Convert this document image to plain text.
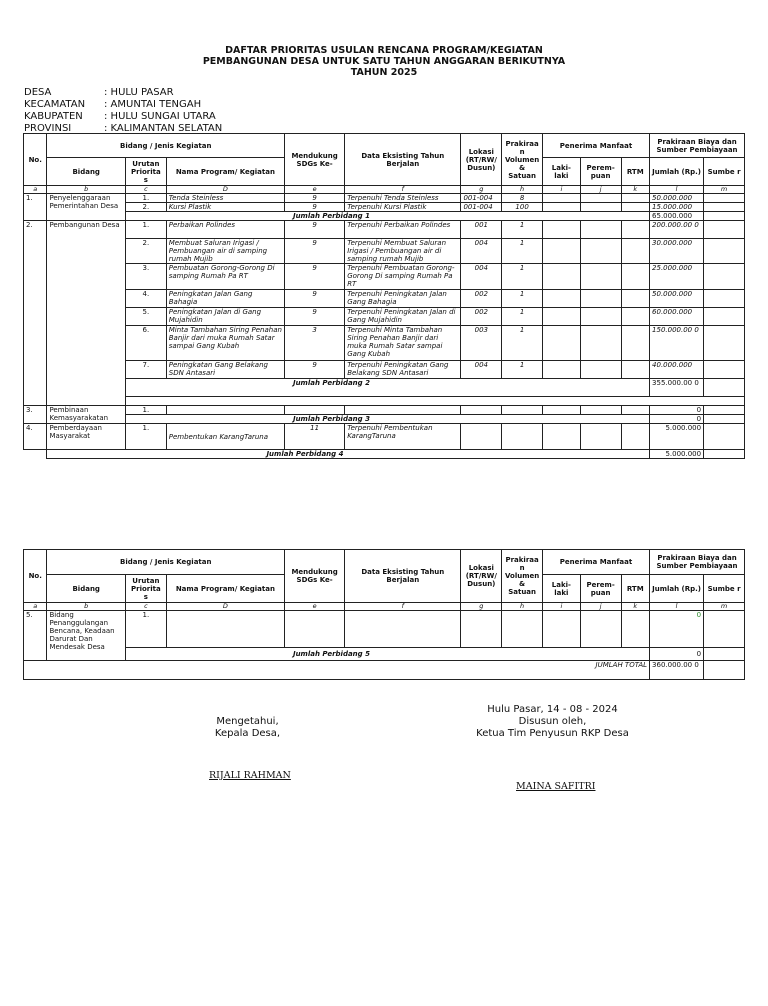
DAFTAR PRIORITAS USULAN RENCANA PROGRAM/KEGIATAN
PEMBANGUNAN DESA UNTUK SATU TAHUN ANGGARAN BERIKUTNYA
TAHUN 2025
DESA	: HULU PASAR
KECAMATAN	: AMUNTAI TENGAH
KABUPATEN	: HULU SUNGAI UTARA
PROVINSI	: KALIMANTAN SELATAN
No.	Bidang / Jenis Kegiatan			Mendukung SDGs Ke-	Data Eksisting Tahun Berjalan	Lokasi (RT/RW/ Dusun)	Prakiraa n Volumen & Satuan	Penerima Manfaat			Prakiraan Biaya dan Sumber Pembiayaan	
	Bidang	Urutan Priorita s	Nama Program/ Kegiatan					Laki- laki	Perem- puan	RTM	Jumlah (Rp.)	Sumbe r
a	b	c	D	e	f	g	h	i	j	k	l	m
1.	Penyelenggaraan Pemerintahan Desa	1.	Tenda Steinless	9	Terpenuhi Tenda Steinless	001-004	8				50.000.000	
		2.	Kursi Plastik	9	Terpenuhi Kursi Plastik	001-004	100				15.000.000	
		Jumlah Perbidang 1									65.000.000	
2.	Pembangunan Desa	1.	Perbaikan Polindes	9	Terpenuhi Perbaikan Polindes	001	1				200.000.00 0	
		2.	Membuat Saluran Irigasi / Pembuangan air di samping rumah Mujib	9	Terpenuhi Membuat Saluran Irigasi / Pembuangan air di samping rumah Mujib	004	1				30.000.000	
		3.	Pembuatan Gorong-Gorong Di samping Rumah Pa RT	9	Terpenuhi Pembuatan Gorong-Gorong Di samping Rumah Pa RT	004	1				25.000.000	
		4.	Peningkatan Jalan Gang Bahagia	9	Terpenuhi Peningkatan Jalan Gang Bahagia	002	1				50.000.000	
		5.	Peningkatan Jalan di Gang Mujahidin	9	Terpenuhi Peningkatan Jalan di Gang Mujahidin	002	1				60.000.000	
		6.	Minta Tambahan Siring Penahan Banjir dari muka Rumah Satar sampai Gang Kubah	3	Terpenuhi Minta Tambahan Siring Penahan Banjir dari muka Rumah Satar sampai Gang Kubah	003	1				150.000.00 0	
		7.	Peningkatan Gang Belakang SDN Antasari	9	Terpenuhi Peningkatan Gang Belakang SDN Antasari	004	1				40.000.000	
		Jumlah Perbidang 2									355.000.00 0	

3.	Pembinaan Kemasyarakatan	1.									0	
		Jumlah Perbidang 3									0	
4.	Pemberdayaan Masyarakat	1.	Pembentukan KarangTaruna	11	Terpenuhi Pembentukan KarangTaruna						5.000.000	
	Jumlah Perbidang 4										5.000.000	
No.	Bidang / Jenis Kegiatan			Mendukung SDGs Ke-	Data Eksisting Tahun Berjalan	Lokasi (RT/RW/ Dusun)	Prakiraa n Volumen & Satuan	Penerima Manfaat			Prakiraan Biaya dan Sumber Pembiayaan	
	Bidang	Urutan Priorita s	Nama Program/ Kegiatan					Laki- laki	Perem- puan	RTM	Jumlah (Rp.)	Sumbe r
a	b	c	D	e	f	g	h	i	j	k	l	m
5.	Bidang Penanggulangan Bencana, Keadaan Darurat Dan Mendesak Desa	1.									0	
		Jumlah Perbidang 5									0	
JUMLAH TOTAL											360.000.00 0	
Hulu Pasar, 14 - 08 - 2024
Mengetahui,
Kepala Desa,
Disusun oleh,
Ketua Tim Penyusun RKP Desa
RIJALI RAHMAN
MAINA SAFITRI
